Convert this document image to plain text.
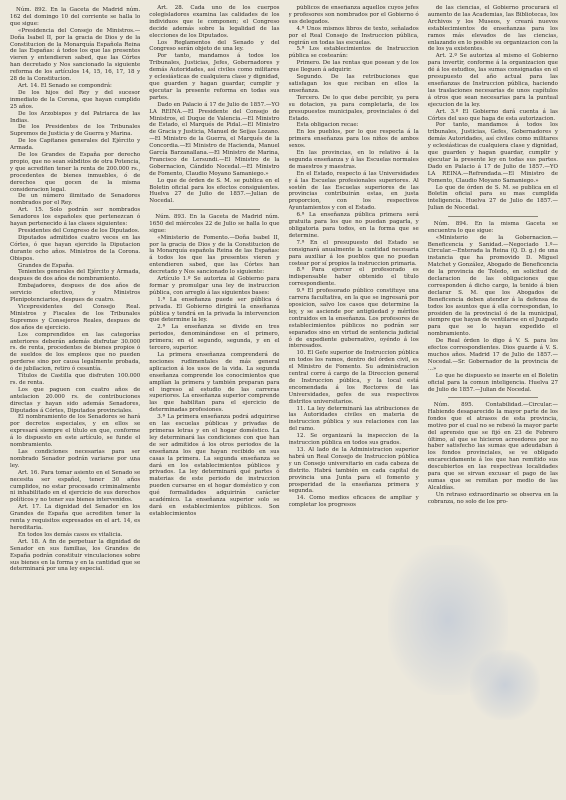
Núm. 892. En la Gaceta de Madrid núm. 162 del domingo 10 del corriente se halla lo que sigue:

«Presidencia del Consejo de Ministros.—Doña Isabel II, por la gracia de Dios y de la Constitucion de la Monarquía Española Reina de las Españas: á todos los que las presentes vieren y entendieren sabed, que las Córtes han decretado y Nos sancionado la siguiente reforma de los artículos 14, 15, 16, 17, 18 y 28 de la Constitucion.

Art. 14. El Senado se compondrá:

De los hijos del Rey y del sucesor inmediato de la Corona, que hayan cumplido 25 años.

De los Arzobispos y del Patriarca de las Indias.

De los Presidentes de los Tribunales Supremos de Justicia y de Guerra y Marina.

De los Capitanes generales del Ejército y Armada.

De los Grandes de España por derecho propio, que no sean súbditos de otra Potencia, y que acrediten tener la renta de 200.000 rs., procedentes de bienes inmuebles, ó de derechos que gocen de la misma consideracion legal.

De un número ilimitado de Senadores nombrados por el Rey.

Art. 15. Solo podrán ser nombrados Senadores los españoles que pertenezcan ó hayan pertenecido á las clases siguientes:

Presidentes del Congreso de los Diputados.

Diputados admitidos cuatro veces en las Córtes, ó que hayan ejercido la Diputacion durante ocho años. Ministros de la Corona. Obispos.

Grandes de España.

Tenientes generales del Ejército y Armada, despues de dos años de nombramiento.

Embajadores, despues de dos años de servicio efectivo, y Ministros Plenipotenciarios, despues de cuatro.

Vicepresidentes del Consejo Real. Ministros y Fiscales de los Tribunales Supremos y Consejeros Reales, despues de dos años de ejercicio.

Los comprendidos en las categorías anteriores deberán además disfrutar 30.000 rs. de renta, procedentes de bienes propios ó de sueldos de los empleos que no pueden perderse sino por causa legalmente probada, ó de jubilacion, retiro ó cesantía.

Títulos de Castilla que disfruten 100.000 rs. de renta.

Los que paguen con cuatro años de antelacion 20.000 rs. de contribuciones directas y hayan sido además Senadores, Diputados á Córtes, Diputados provinciales.

El nombramiento de los Senadores se hará por decretos especiales, y en ellos se expresará siempre el título en que, conforme á lo dispuesto en este artículo, se funde el nombramiento.

Las condiciones necesarias para ser nombrado Senador podrán variarse por una ley.

Art. 16. Para tomar asiento en el Senado se necesita ser español, tener 30 años cumplidos, no estar procesado criminalmente ni inhabilitado en el ejercicio de sus derechos políticos y no tener sus bienes intervenidos.

Art. 17. La dignidad del Senador en los Grandes de España que acrediten tener la renta y requisitos expresados en el art. 14, es hereditaria.

En todos los demás casos es vitalicia.

Art. 18. A fin de perpetuar la dignidad de Senador en sus familias, los Grandes de España podrán constituir vinculaciones sobre sus bienes en la forma y en la cantidad que se determinará por una ley especial.

Art. 28. Cada uno de los cuerpos colegisladores examina las calidades de los individuos que le componen; el Congreso decide además sobre la legalidad de las elecciones de los Diputados.

Los Reglamentos del Senado y del Congreso serán objeto de una ley.

Por tanto, mandamos á todos los Tribunales, Justicias, Jefes, Gobernadores y demás Autoridades, así civiles como militares y eclesiásticas de cualquiera clase y dignidad, que guarden y hagan guardar, cumplir y ejecutar la presente reforma en todas sus partes.

Dado en Palacio á 17 de Julio de 1857.—YO LA REINA.—El Presidente del Consejo de Ministros, el Duque de Valencia.—El Ministro de Estado, el Marqués de Pidal.—El Ministro de Gracia y Justicia, Manuel de Seijas Lozano.—El Ministro de la Guerra, el Marqués de la Concordia.—El Ministro de Hacienda, Manuel García Barzanallana.—El Ministro de Marina, Francisco de Lersundi.—El Ministro de la Gobernacion, Cándido Nocedal.—El Ministro de Fomento, Claudio Moyano Samaniego.»

Lo que de órden de S. M. se publica en el Boletin oficial para los efectos consiguientes. Huelva 27 de Julio de 1857.—Julian de Nocedal.

Núm. 893. En la Gaceta de Madrid núm. 1650 del miércoles 22 de Julio se halla lo que sigue:

«Ministerio de Fomento.—Doña Isabel II, por la gracia de Dios y de la Constitucion de la Monarquía española Reina de las Españas: á todos los que las presentes vieren y entendieren sabed, que las Córtes han decretado y Nos sancionado lo siguiente:

Artículo 1.º Se autoriza al Gobierno para formar y promulgar una ley de instruccion pública, con arreglo á las siguientes bases:

1.ª La enseñanza puede ser pública ó privada. El Gobierno dirigirá la enseñanza pública y tendrá en la privada la intervencion que determine la ley.

2.ª La enseñanza se divide en tres periodos, denominándose en el primero, primera; en el segundo, segunda, y en el tercero, superior.

La primera enseñanza comprenderá de nociones rudimentales de más general aplicacion á los usos de la vida. La segunda enseñanza comprende los conocimientos que amplían la primera y también preparan para el ingreso al estudio de las carreras superiores. La enseñanza superior comprende las que habilitan para el ejercicio de determinadas profesiones.

3.ª La primera enseñanza podrá adquirirse en las escuelas públicas y privadas de primeras letras y en el hogar doméstico. La ley determinará las condiciones con que han de ser admitidos á los otros periodos de la enseñanza los que hayan recibido en sus casas la primera. La segunda enseñanza se dará en los establecimientos públicos y privados. La ley determinará qué partes ó materias de este periodo de instruccion pueden cursarse en el hogar doméstico y con qué formalidades adquirirán carácter académico. La enseñanza superior solo se dará en establecimientos públicos. Son establecimientos

públicos de enseñanza aquellos cuyos jefes y profesores son nombrados por el Gobierno ó sus delegados.

4.ª Unos mismos libros de texto, señalados por el Real Consejo de Instruccion pública, regirán en todas las escuelas.

5.ª Los establecimientos de Instruccion pública se costearán:

Primero. De las rentas que posean y de los que lleguen á adquirir.

Segundo. De las retribuciones que satisfagan los que reciban en ellos la enseñanza.

Tercero. De lo que debe percibir, ya pera su dotacion, ya para completarla, de los presupuestos municipales, provinciales ó del Estado.

Esta obligacion recae:

En los pueblos, por lo que respecta á la primera enseñanza para los niños de ambos sexos.

En las provincias, en lo relativo á la segunda enseñanza y á las Escuelas normales de maestros y maestras.

En el Estado, respecto á las Universidades y á las Escuelas profesionales superiores. Al sostén de las Escuelas superiores de las provincias contribuirán estas, en justa proporcion, con los respectivos Ayuntamientos y con el Estado.

6.ª La enseñanza pública primera será gratuita para los que no puedan pagarla, y obligatoria para todos, en la forma que se determine.

7.ª En el presupuesto del Estado se consignará anualmente la cantidad necesaria para auxiliar á los pueblos que no puedan costear por sí propios la instruccion primaria.

8.ª Para ejercer el profesorado es indispensable haber obtenido el título correspondiente.

9.ª El profesorado público constituye una carrera facultativa, en la que se ingresará por oposicion, salvo los casos que determine la ley, y se asciende por antigüedad y méritos contraidos en la enseñanza. Los profesores de establecimientos públicos no podrán ser separados sino en virtud de sentencia judicial ó de expediente gubernativo, oyéndo á los interesados.

10. El Gefe superior de Instruccion pública en todos los ramos, dentro del órden civil, es el Ministro de Fomento. Su administracion central corre á cargo de la Direccion general de Instruccion pública, y la local está encomendada á los Rectores de las Universidades, gefes de sus respectivos distritos universitarios.

11. La ley determinará las atribuciones de las Autoridades civiles en materia de instruccion pública y sus relaciones con las del ramo.

12. Se organizará la inspeccion de la instruccion pública en todos sus grados.

13. Al lado de la Administracion superior habrá un Real Consejo de Instruccion pública y un Consejo universitario en cada cabeza de distrito. Habrá también en cada capital de provincia una Junta para el fomento y prosperidad de la enseñanza primera y segunda.

14. Como medios eficaces de ampliar y completar los progresos

de las ciencias, el Gobierno procurará el aumento de las Academias, las Bibliotecas, los Archivos y los Museos, y creará nuevos establecimientos de enseñanzas para los ramos más elevados de las ciencias, enlazando en lo posible su organizacion con la de los ya existentes.

Art. 2.º Se autoriza al mismo el Gobierno para invertir, conforme á la organizacion que dé á los estudios, las sumas consignadas en el presupuesto del año actual para las enseñanzas de Instruccion pública, haciendo las traslaciones necesarias de unos capítulos á otros que sean necesarias para la puntual ejecucion de la ley.

Art. 3.º El Gobierno dará cuenta á las Córtes del uso que haga de esta autorizacion.

Por tanto, mandamos á todos los tribunales, Justicias, Gefes, Gobernadores y demás Autoridades, así civiles como militares y eclesiásticas de cualquiera clase y dignidad, que guarden y hagan guardar, cumplir y ejecutar la presente ley en todas sus partes. Dado en Palacio á 17 de Julio de 1857.—YO LA REINA.—Refrendada.—El Ministro de Fomento, Claudio Moyano Samaniego.»

Lo que de órden de S. M. se publica en el Boletin oficial para su mas cumplida inteligencia. Huelva 27 de Julio de 1857.—Julian de Nocedal.

Núm. 894. En la misma Gaceta se encuentra lo que sigue:

«Ministerio de la Gobernacion.—Beneficencia y Sanidad.—Negociado 1.º—Circular.—Enterada la Reina (Q. D. g.) de una instancia que ha promovido D. Miguel Matchet y González, Abogado de Beneficencia de la provincia de Toledo, en solicitud de declaracion de las obligaciones que corresponden á dicho cargo, la tenido á bien declarar S. M. que los Abogados de Beneficencia deben atender á la defensa de todos los asuntos que á ella correspondan, lo prosiden de la provincial ó de la municipal, siempre que hayan de ventilarse en el Juzgado para que se lo hayan expedido el nombramiento.

De Real órden lo digo á V. S. para los efectos correspondientes. Dios guarde á V. S. muchos años. Madrid 17 de Julio de 1857.—Nocedal.—Sr. Gobernador de la provincia de ...»

Lo que he dispuesto se inserte en el Boletin oficial para la comun inteligencia. Huelva 27 de Julio de 1857.—Julian de Nocedal.

Núm. 895. Contabilidad.—Circular.—Habiendo desaparecido la mayor parte de los fondos que el atrasos de esta provincia, motivo por el cual no se rebesó la mayor parte del aprensio que se fijó en 23 de Febrero último, al que se hicieron acreedores por no haber satisfecho las sumas que adeudaban á los fondos provinciales, se ve obligado encarecidamente á los que han remitido sus descubiertos en las respectivas localidades para que se sirvan excusar el pago de las sumas que se remitan por medio de las Alcaldías.

Un retraso extraordinario se observa en la cobranza, no solo de los pro-
